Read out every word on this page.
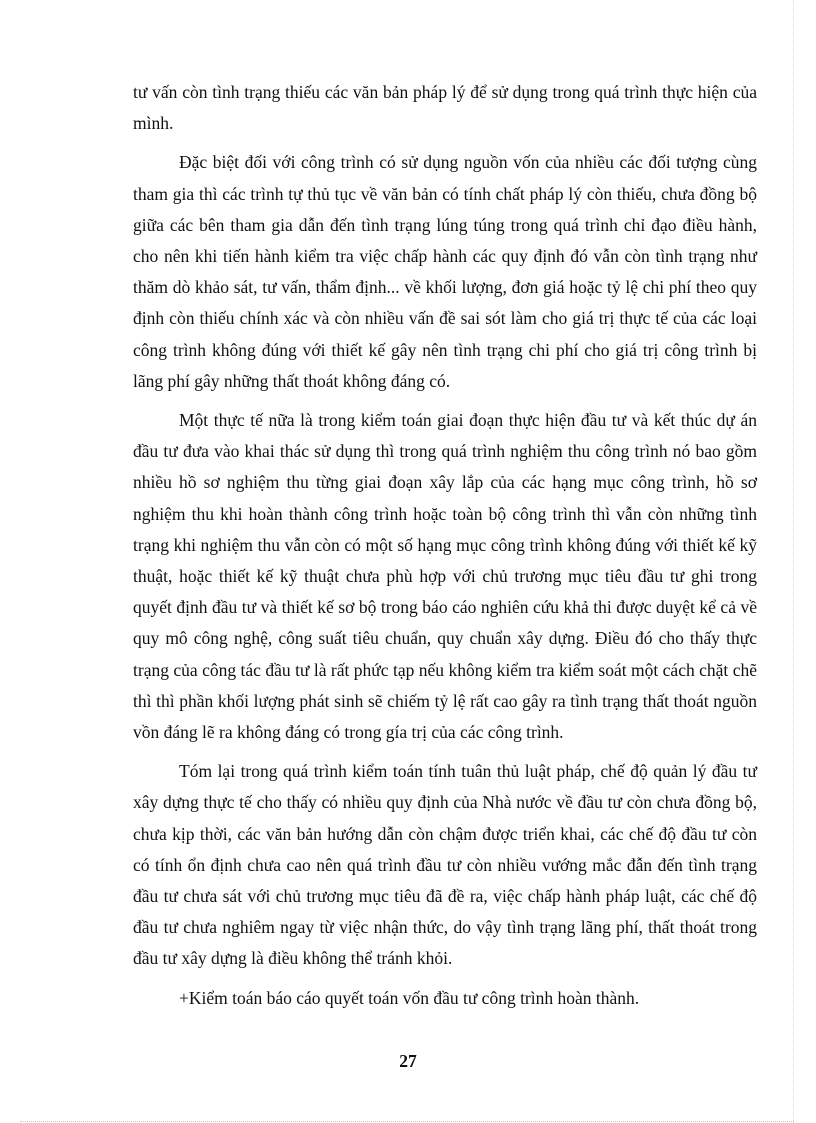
tư vấn còn tình trạng thiếu các văn bản pháp lý để sử dụng trong quá trình thực hiện của mình.

Đặc biệt đối với công trình có sử dụng nguồn vốn của nhiều các đối tượng cùng tham gia thì các trình tự thủ tục về văn bản có tính chất pháp lý còn thiếu, chưa đồng bộ giữa các bên tham gia dẫn đến tình trạng lúng túng trong quá trình chỉ đạo điều hành, cho nên khi tiến hành kiểm tra việc chấp hành các quy định đó vẫn còn tình trạng như thăm dò khảo sát, tư vấn, thẩm định... về khối lượng, đơn giá hoặc tỷ lệ chi phí theo quy định còn thiếu chính xác và còn nhiều vấn đề sai sót làm cho giá trị thực tế của các loại công trình không đúng với thiết kế gây nên tình trạng chi phí cho giá trị công trình bị lãng phí gây những thất thoát không đáng có.

Một thực tế nữa là trong kiểm toán giai đoạn thực hiện đầu tư và kết thúc dự án đầu tư đưa vào khai thác sử dụng thì trong quá trình nghiệm thu công trình nó bao gồm nhiều hồ sơ nghiệm thu từng giai đoạn xây lắp của các hạng mục công trình, hồ sơ nghiệm thu khi hoàn thành công trình hoặc toàn bộ công trình thì vẫn còn những tình trạng khi nghiệm thu vẫn còn có một số hạng mục công trình không đúng với thiết kế kỹ thuật, hoặc thiết kế kỹ thuật chưa phù hợp với chủ trương mục tiêu đầu tư ghi trong quyết định đầu tư và thiết kế sơ bộ trong báo cáo nghiên cứu khả thi được duyệt kể cả về quy mô công nghệ, công suất tiêu chuẩn, quy chuẩn xây dựng. Điều đó cho thấy thực trạng của công tác đầu tư là rất phức tạp nếu không kiểm tra kiểm soát một cách chặt chẽ thì thì phần khối lượng phát sinh sẽ chiếm tỷ lệ rất cao gây ra tình trạng thất thoát nguồn vồn đáng lẽ ra không đáng có trong gía trị của các công trình.

Tóm lại trong quá trình kiểm toán tính tuân thủ luật pháp, chế độ quản lý đầu tư xây dựng thực tế cho thấy có nhiều quy định của Nhà nước về đầu tư còn chưa đồng bộ, chưa kịp thời, các văn bản hướng dẫn còn chậm được triển khai, các chế độ đầu tư còn có tính ổn định chưa cao nên quá trình đầu tư còn nhiều vướng mắc đẫn đến tình trạng đầu tư chưa sát với chủ trương mục tiêu đã đề ra, việc chấp hành pháp luật, các chế độ đầu tư chưa nghiêm ngay từ việc nhận thức, do vậy tình trạng lãng phí, thất thoát trong đầu tư xây dựng là điều không thể tránh khỏi.

+Kiểm toán báo cáo quyết toán vốn đầu tư công trình hoàn thành.

27
